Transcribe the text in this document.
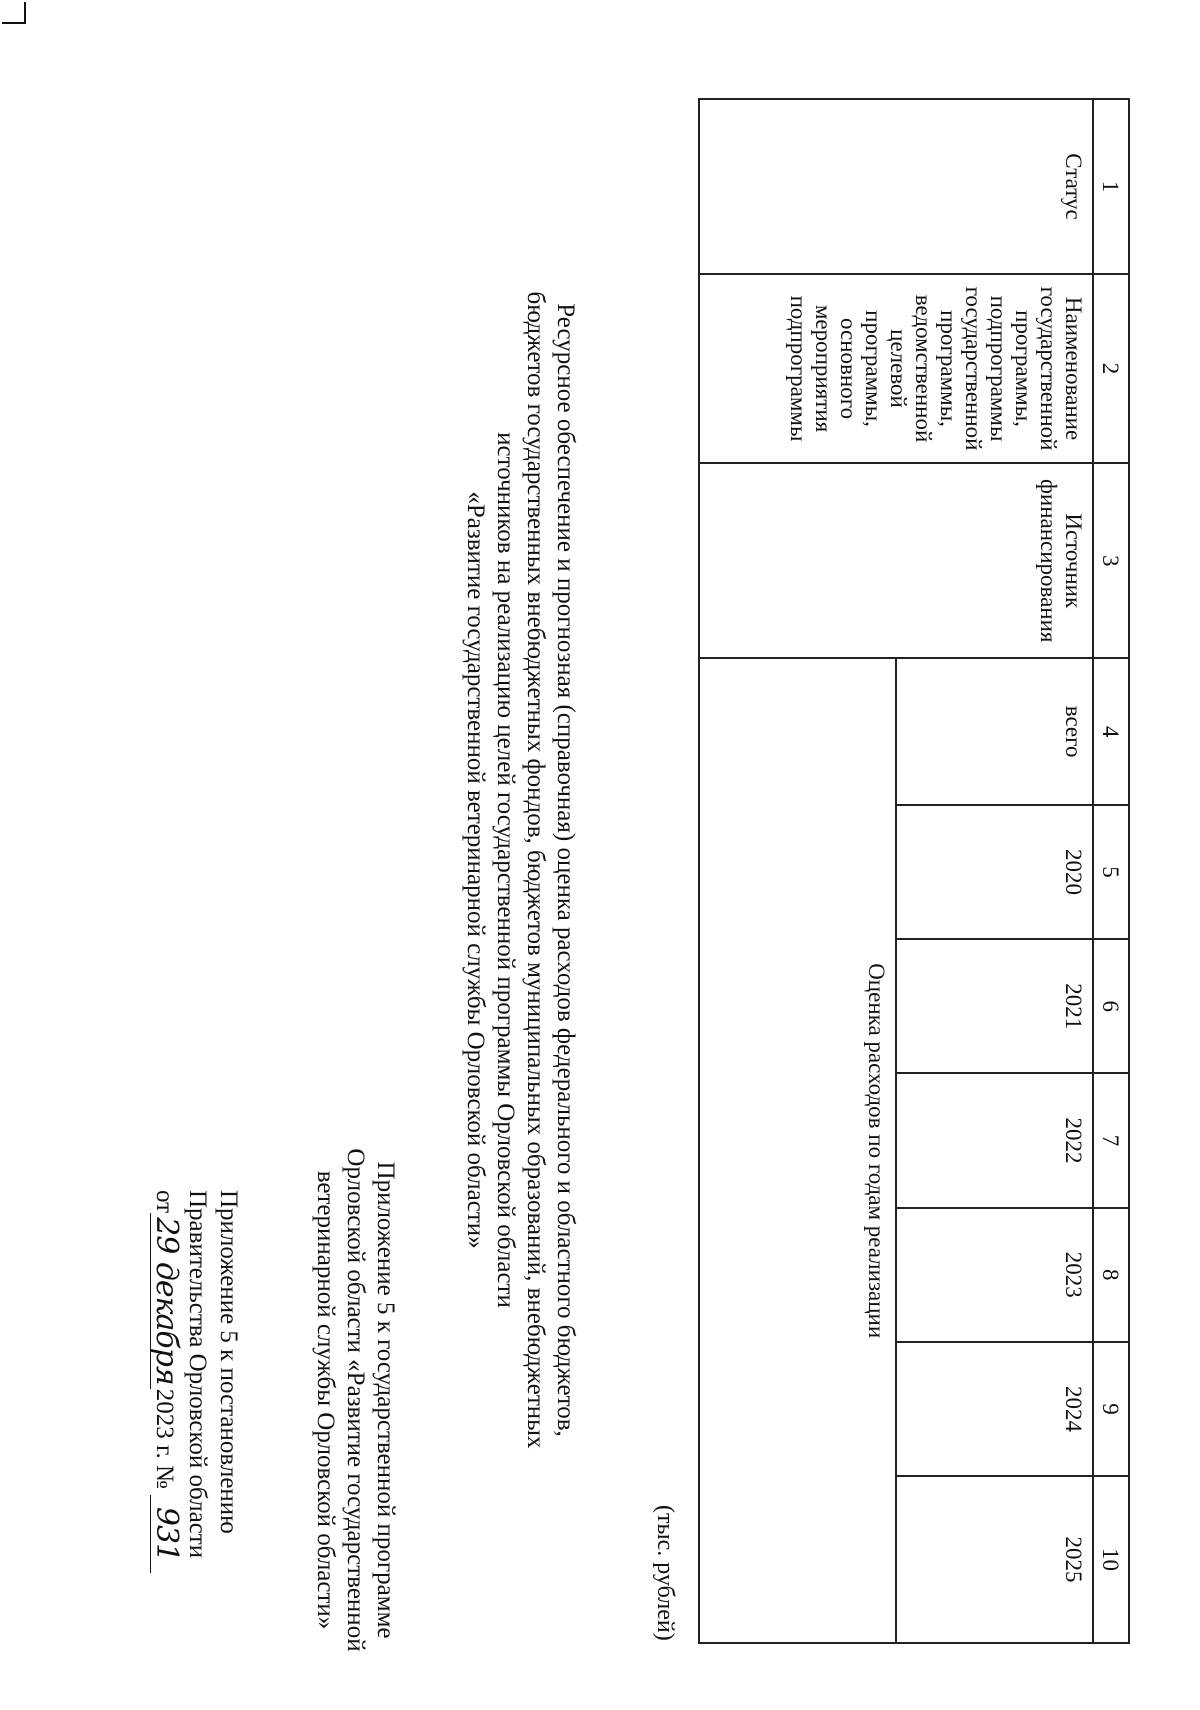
Приложение 5 к постановлению
Правительства Орловской области
от29 декабря2023 г. № 931	Приложение 5 к государственной программе
Орловской области «Развитие государственной
ветеринарной службы Орловской области»	Ресурсное обеспечение и прогнозная (справочная) оценка расходов федерального и областного бюджетов,
бюджетов государственных внебюджетных фондов, бюджетов муниципальных образований, внебюджетных
источников на реализацию целей государственной программы Орловской области
«Развитие государственной ветеринарной службы Орловской области»
(тыс. рублей)
Статус	Наименование государственной программы, подпрограммы государственной программы, ведомственной целевой программы, основного мероприятия подпрограммы	Источник финансирования	Оценка расходов по годам реализации						
			всего	2020	2021	2022	2023	2024	2025
1	2	3	4	5	6	7	8	9	10
